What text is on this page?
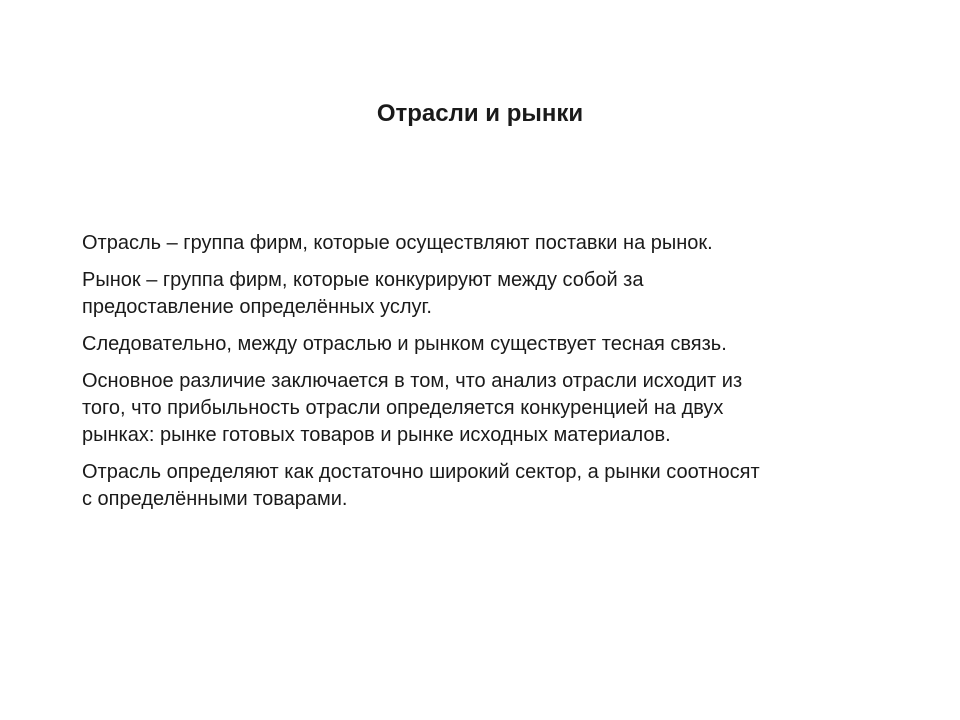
Отрасли и рынки

Отрасль – группа фирм, которые осуществляют поставки на рынок.

Рынок – группа фирм, которые конкурируют между собой за
предоставление определённых услуг.

Следовательно, между отраслью и рынком существует тесная связь.

Основное различие заключается в том, что анализ отрасли исходит из
того, что прибыльность отрасли определяется конкуренцией на двух
рынках: рынке готовых товаров и рынке исходных материалов.

Отрасль определяют как достаточно широкий сектор, а рынки соотносят
с определёнными товарами.
